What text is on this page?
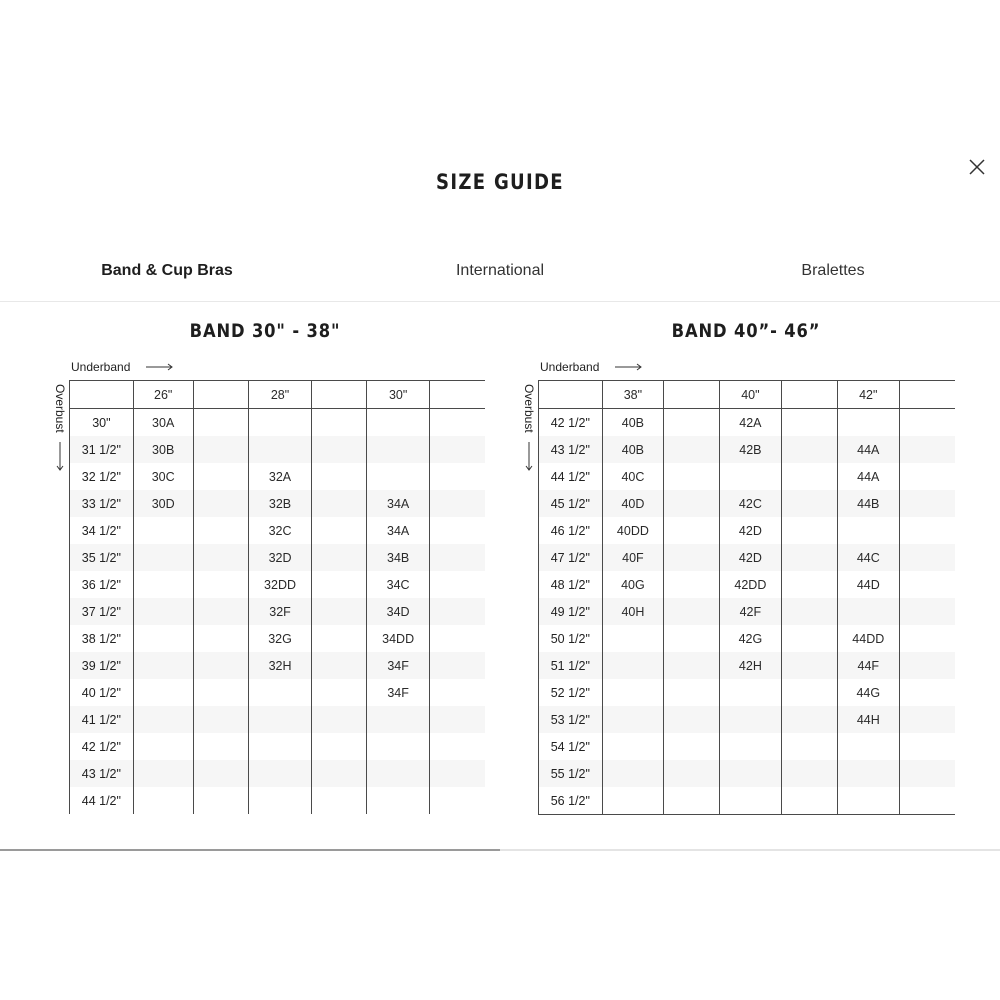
SIZE GUIDE
Band & Cup Bras	International	Bralettes
BAND 30" - 38"
Underband
Overbust
		26"		28"		30"	
30"	30A					
31 1/2"	30B					
32 1/2"	30C		32A			
33 1/2"	30D		32B		34A	
34 1/2"			32C		34A	
35 1/2"			32D		34B	
36 1/2"			32DD		34C	
37 1/2"			32F		34D	
38 1/2"			32G		34DD	
39 1/2"			32H		34F	
40 1/2"					34F	
41 1/2"						
42 1/2"						
43 1/2"						
44 1/2"						
BAND 40”- 46”
Underband
Overbust
		38"		40"		42"	
42 1/2"	40B		42A			
43 1/2"	40B		42B		44A	
44 1/2"	40C				44A	
45 1/2"	40D		42C		44B	
46 1/2"	40DD		42D			
47 1/2"	40F		42D		44C	
48 1/2"	40G		42DD		44D	
49 1/2"	40H		42F			
50 1/2"			42G		44DD	
51 1/2"			42H		44F	
52 1/2"					44G	
53 1/2"					44H	
54 1/2"						
55 1/2"						
56 1/2"						
